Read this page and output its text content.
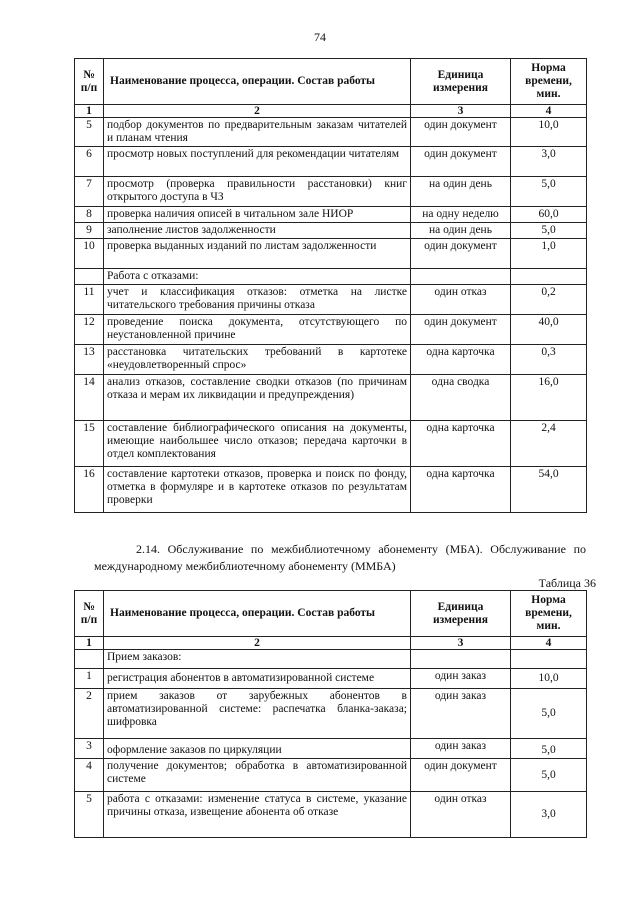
74
№ п/п	Наименование процесса, операции. Состав работы	Единица измерения	Норма времени, мин.
1	2	3	4
5	подбор документов по предварительным заказам читателей и планам чтения	один документ	10,0
6	просмотр новых поступлений для рекомендации читателям	один документ	3,0
7	просмотр (проверка правильности расстановки) книг открытого доступа в ЧЗ	на один день	5,0
8	проверка наличия описей в читальном зале НИОР	на одну неделю	60,0
9	заполнение листов задолженности	на один день	5,0
10	проверка выданных изданий по листам задолженности	один документ	1,0
	Работа с отказами:		
11	учет и классификация отказов: отметка на листке читательского требования причины отказа	один отказ	0,2
12	проведение поиска документа, отсутствующего по неустановленной причине	один документ	40,0
13	расстановка читательских требований в картотеке «неудовлетворенный спрос»	одна карточка	0,3
14	анализ отказов, составление сводки отказов (по причинам отказа и мерам их ликвидации и предупреждения)	одна сводка	16,0
15	составление библиографического описания на документы, имеющие наибольшее число отказов; передача карточки в отдел комплектования	одна карточка	2,4
16	составление картотеки отказов, проверка и поиск по фонду, отметка в формуляре и в картотеке отказов по результатам проверки	одна карточка	54,0
2.14. Обслуживание по межбиблиотечному абонементу (МБА). Обслуживание по международному межбиблиотечному абонементу (ММБА)
Таблица 36
№ п/п	Наименование процесса, операции. Состав работы	Единица измерения	Норма времени, мин.
1	2	3	4
	Прием заказов:		
1	регистрация абонентов в автоматизированной системе	один заказ	10,0
2	прием заказов от зарубежных абонентов в автоматизированной системе: распечатка бланка-заказа; шифровка	один заказ	5,0
3	оформление заказов по циркуляции	один заказ	5,0
4	получение документов; обработка в автоматизированной системе	один документ	5,0
5	работа с отказами: изменение статуса в системе, указание причины отказа, извещение абонента об отказе	один отказ	3,0
